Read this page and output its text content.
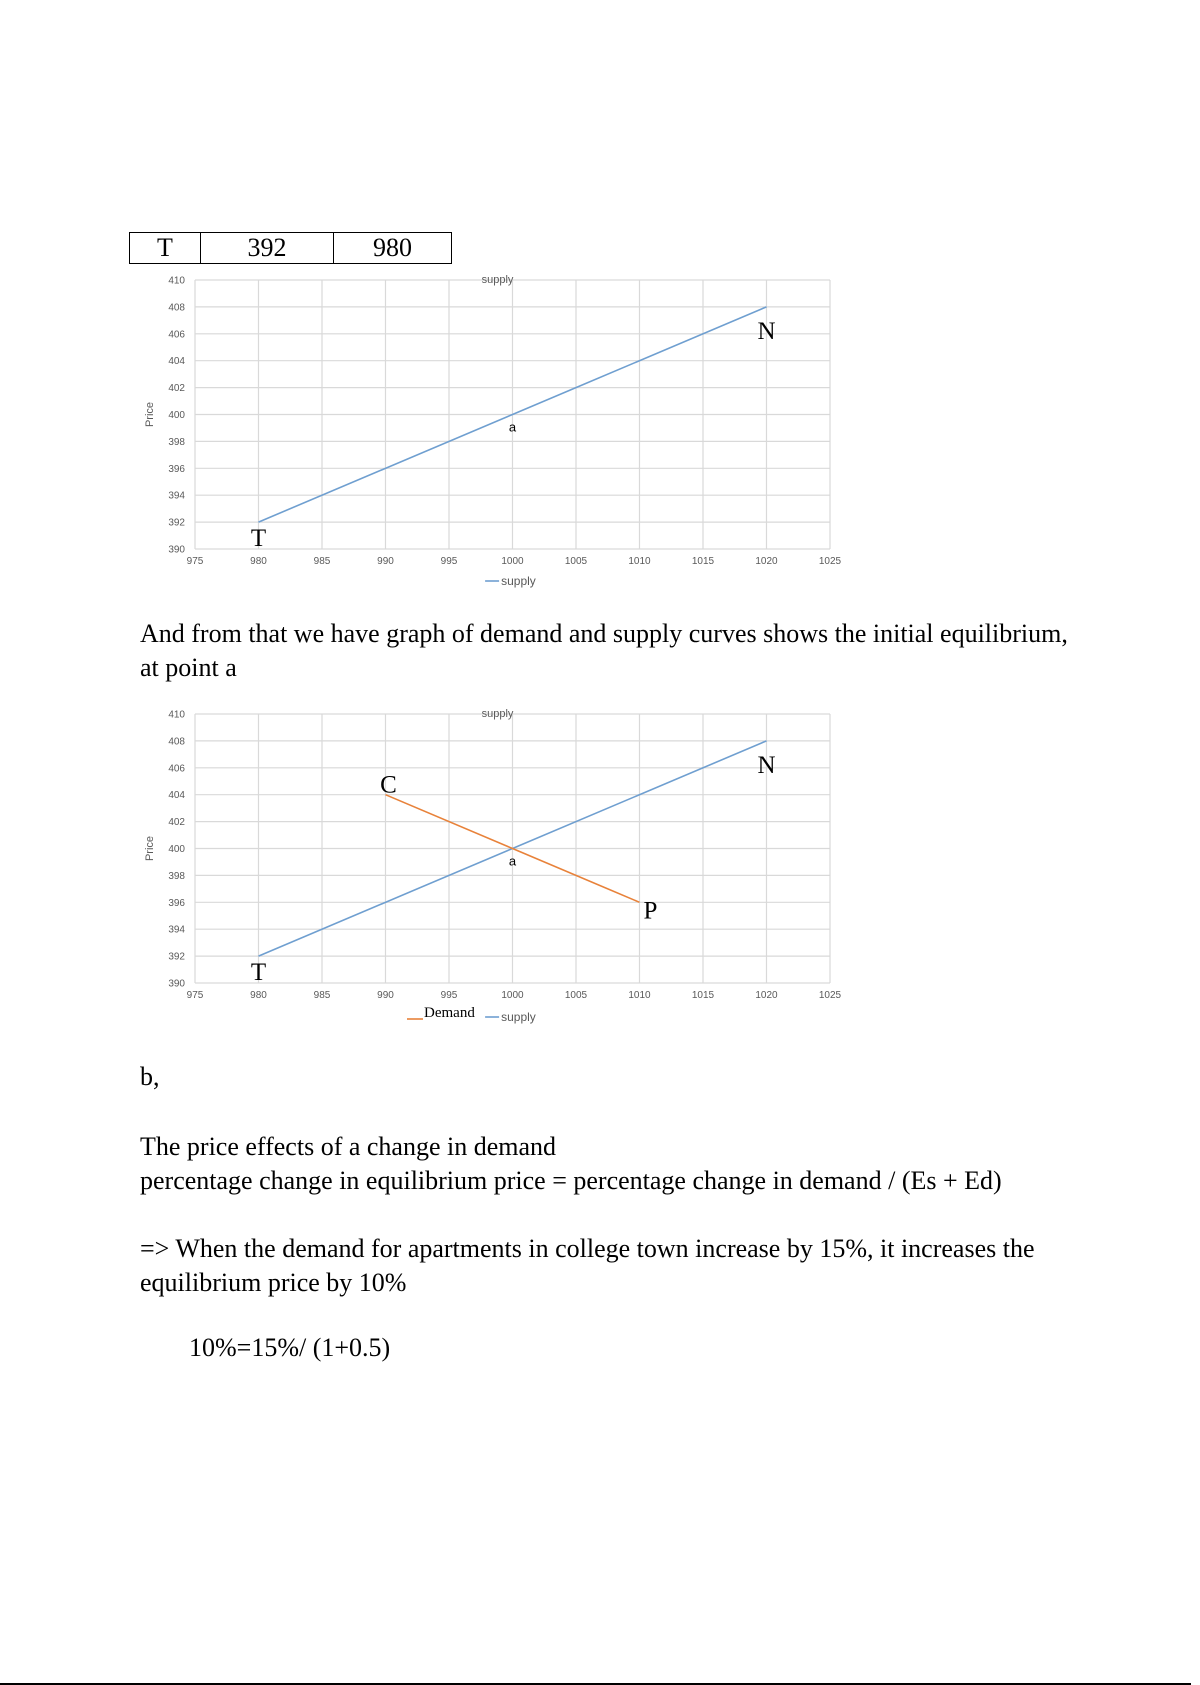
T	392	980
390
392
394
396
398
400
402
404
406
408
410
975	980	985	990	995	1000	1005	1010	1015	1020	1025
Price
supply
N
a
T
supply

And from that we have graph of demand and supply curves shows the initial equilibrium, at point a

390
392
394
396
398
400
402
404
406
408
410
975	980	985	990	995	1000	1005	1010	1015	1020	1025
Price
supply
C
N
a
P
T
Demand supply

b,

The price effects of a change in demand

percentage change in equilibrium price = percentage change in demand / (Es + Ed)

=> When the demand for apartments in college town increase by 15%, it increases the equilibrium price by 10%

10%=15%/ (1+0.5)
